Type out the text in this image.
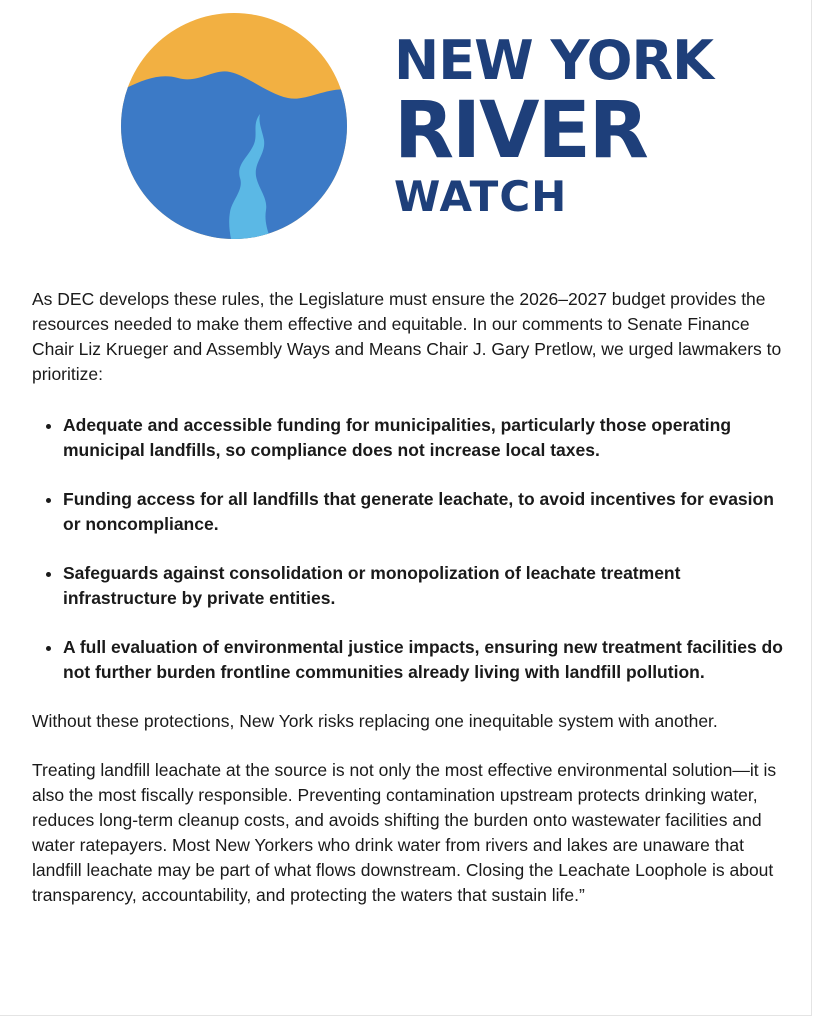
NEW YORK
RIVER
WATCH

As DEC develops these rules, the Legislature must ensure the 2026–2027 budget provides the resources needed to make them effective and equitable. In our comments to Senate Finance Chair Liz Krueger and Assembly Ways and Means Chair J. Gary Pretlow, we urged lawmakers to prioritize:

• Adequate and accessible funding for municipalities, particularly those operating municipal landfills, so compliance does not increase local taxes.
• Funding access for all landfills that generate leachate, to avoid incentives for evasion or noncompliance.
• Safeguards against consolidation or monopolization of leachate treatment infrastructure by private entities.
• A full evaluation of environmental justice impacts, ensuring new treatment facilities do not further burden frontline communities already living with landfill pollution.

Without these protections, New York risks replacing one inequitable system with another.

Treating landfill leachate at the source is not only the most effective environmental solution—it is also the most fiscally responsible. Preventing contamination upstream protects drinking water, reduces long-term cleanup costs, and avoids shifting the burden onto wastewater facilities and water ratepayers. Most New Yorkers who drink water from rivers and lakes are unaware that landfill leachate may be part of what flows downstream. Closing the Leachate Loophole is about transparency, accountability, and protecting the waters that sustain life.”
